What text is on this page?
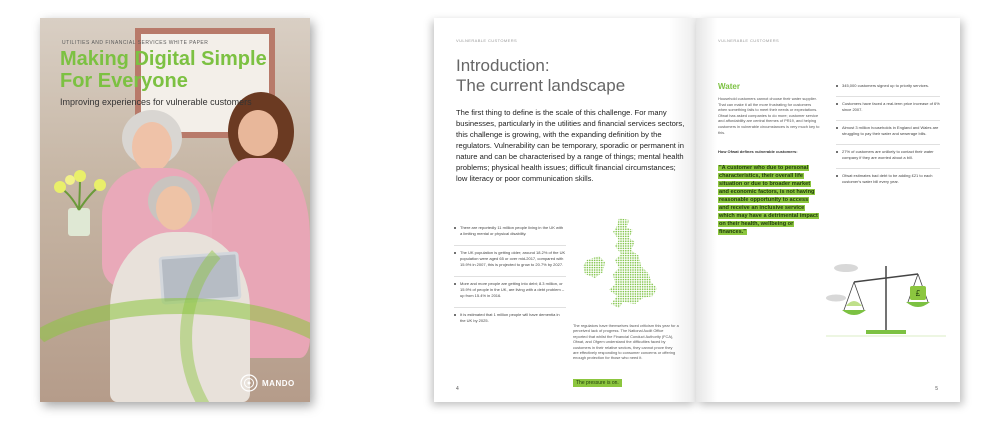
UTILITIES AND FINANCIAL SERVICES WHITE PAPER
Making Digital Simple For Everyone
Improving experiences for vulnerable customers
MANDO
VULNERABLE CUSTOMERS
Introduction:
The current landscape
The first thing to define is the scale of this challenge. For many businesses, particularly in the utilities and financial services sectors, this challenge is growing, with the expanding definition by the regulators. Vulnerability can be temporary, sporadic or permanent in nature and can be characterised by a range of things; mental health problems; physical health issues; difficult financial circumstances; low literacy or poor communication skills.
There are reportedly 11 million people living in the UK with a limiting mental or physical disability.
The UK population is getting older; around 18.2% of the UK population were aged 65 or over mid-2017, compared with 15.9% in 2007, this is projected to grow to 20.7% by 2027.
More and more people are getting into debt; 8.3 million, or 15.9% of people in the UK, are living with a debt problem – up from 15.4% in 2016.
It is estimated that 1 million people will have dementia in the UK by 2025.
The regulators have themselves faced criticism this year for a perceived lack of progress. The National Audit Office reported that whilst the Financial Conduct Authority (FCA), Ofwat, and Ofgem understand the difficulties faced by customers in their relative sectors, they cannot prove they are effectively responding to consumer concerns or offering enough protection for those who need it.
The pressure is on.
4
VULNERABLE CUSTOMERS
Water
Household customers cannot choose their water supplier. That can make it all the more frustrating for customers when something fails to meet their needs or expectations. Ofwat has asked companies to do more; customer service and affordability are central themes of PR19, and helping customers in vulnerable circumstances is very much key to this.
How Ofwat defines vulnerable customers:
"A customer who due to personal characteristics, their overall life situation or due to broader market and economic factors, is not having reasonable opportunity to access and receive an inclusive service which may have a detrimental impact on their health, wellbeing or finances."
345,000 customers signed up to priority services.
Customers have faced a real-term price increase of 6% since 2007.
Almost 3 million households in England and Wales are struggling to pay their water and sewerage bills.
27% of customers are unlikely to contact their water company if they are worried about a bill.
Ofwat estimates bad debt to be adding £21 to each customer's water bill every year.
£
5
